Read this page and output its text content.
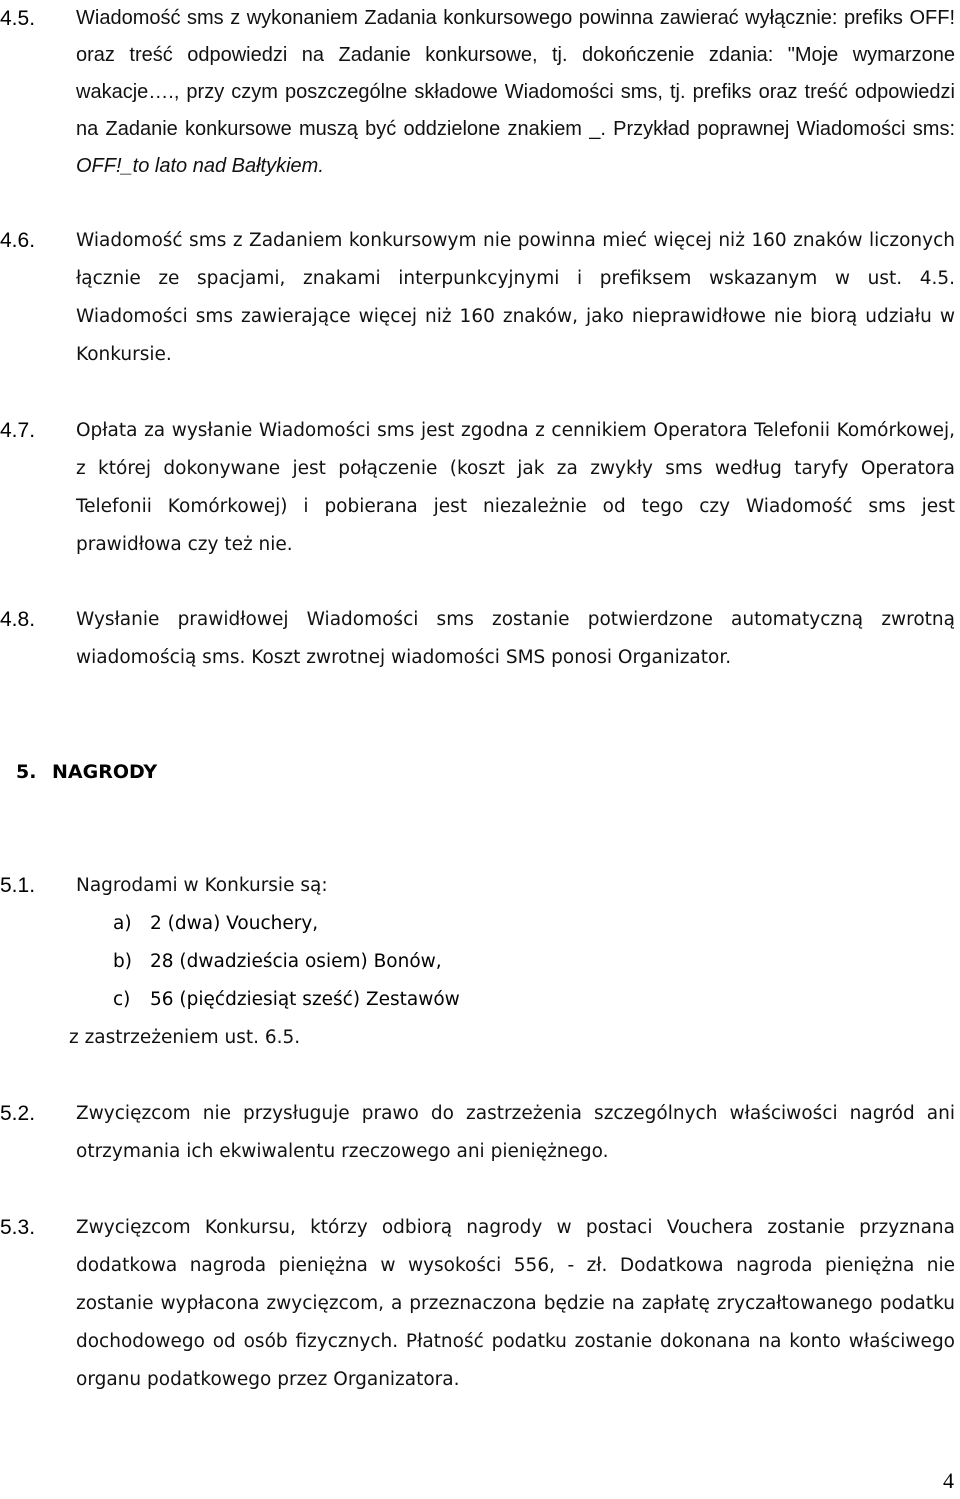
4.5. Wiadomość sms z wykonaniem Zadania konkursowego powinna zawierać wyłącznie: prefiks OFF! oraz treść odpowiedzi na Zadanie konkursowe, tj. dokończenie zdania: "Moje wymarzone wakacje…., przy czym poszczególne składowe Wiadomości sms, tj. prefiks oraz treść odpowiedzi na Zadanie konkursowe muszą być oddzielone znakiem _. Przykład poprawnej Wiadomości sms: OFF!_to lato nad Bałtykiem.
4.6. Wiadomość sms z Zadaniem konkursowym nie powinna mieć więcej niż 160 znaków liczonych łącznie ze spacjami, znakami interpunkcyjnymi i prefiksem wskazanym w ust. 4.5. Wiadomości sms zawierające więcej niż 160 znaków, jako nieprawidłowe nie biorą udziału w Konkursie.
4.7. Opłata za wysłanie Wiadomości sms jest zgodna z cennikiem Operatora Telefonii Komórkowej, z której dokonywane jest połączenie (koszt jak za zwykły sms według taryfy Operatora Telefonii Komórkowej) i pobierana jest niezależnie od tego czy Wiadomość sms jest prawidłowa czy też nie.
4.8. Wysłanie prawidłowej Wiadomości sms zostanie potwierdzone automatyczną zwrotną wiadomością sms. Koszt zwrotnej wiadomości SMS ponosi Organizator.
5. NAGRODY
5.1. Nagrodami w Konkursie są:
a) 2 (dwa) Vouchery,
b) 28 (dwadzieścia osiem) Bonów,
c) 56 (pięćdziesiąt sześć) Zestawów
z zastrzeżeniem ust. 6.5.
5.2. Zwycięzcom nie przysługuje prawo do zastrzeżenia szczególnych właściwości nagród ani otrzymania ich ekwiwalentu rzeczowego ani pieniężnego.
5.3. Zwycięzcom Konkursu, którzy odbiorą nagrody w postaci Vouchera zostanie przyznana dodatkowa nagroda pieniężna w wysokości 556, - zł. Dodatkowa nagroda pieniężna nie zostanie wypłacona zwycięzcom, a przeznaczona będzie na zapłatę zryczałtowanego podatku dochodowego od osób fizycznych. Płatność podatku zostanie dokonana na konto właściwego organu podatkowego przez Organizatora.
4
